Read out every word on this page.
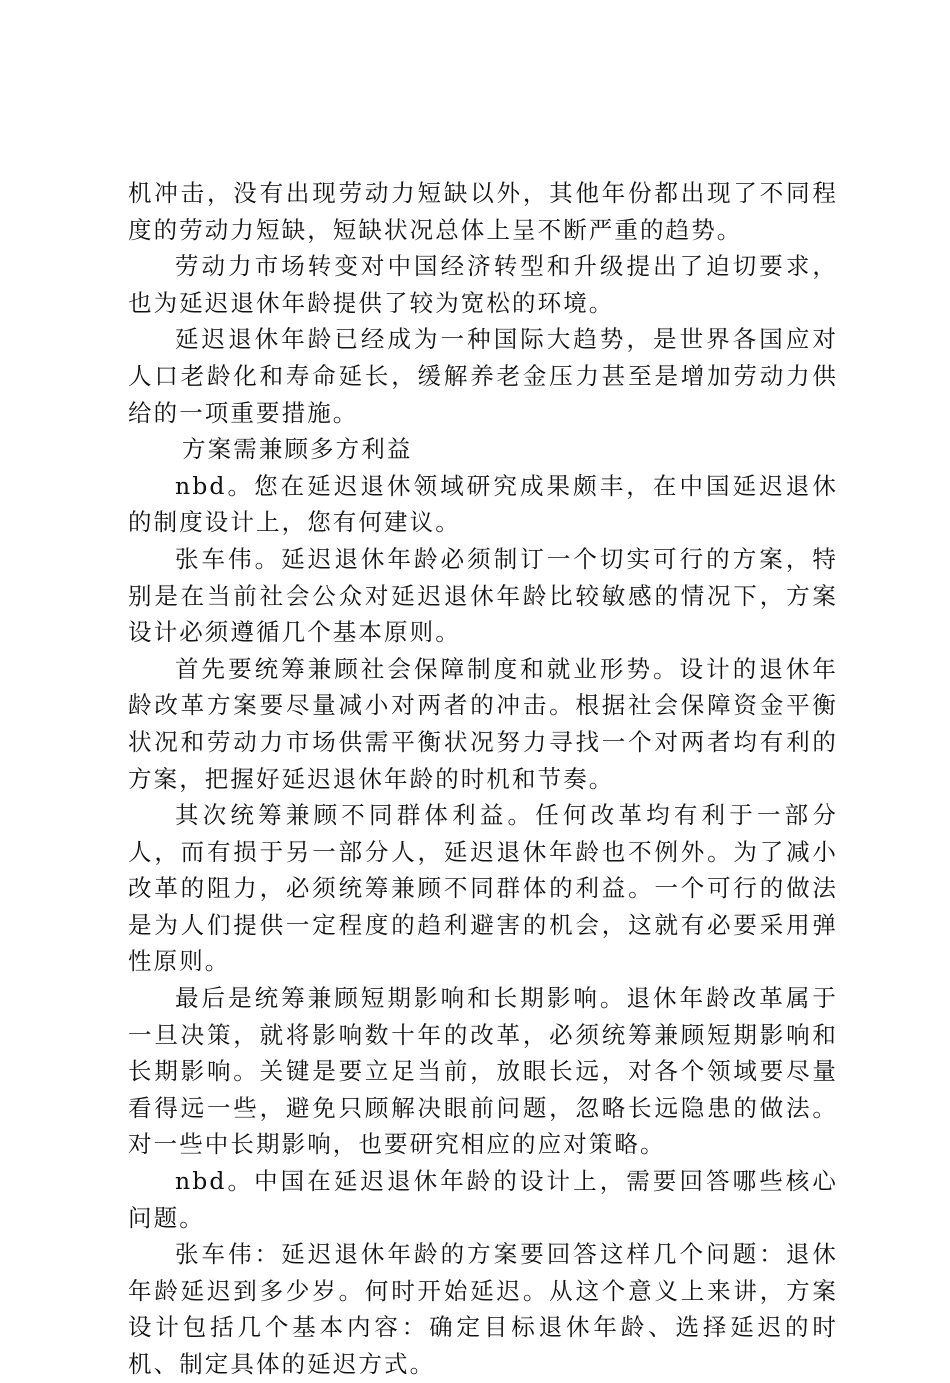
机冲击，没有出现劳动力短缺以外，其他年份都出现了不同程度的劳动力短缺，短缺状况总体上呈不断严重的趋势。

劳动力市场转变对中国经济转型和升级提出了迫切要求，也为延迟退休年龄提供了较为宽松的环境。

延迟退休年龄已经成为一种国际大趋势，是世界各国应对人口老龄化和寿命延长，缓解养老金压力甚至是增加劳动力供给的一项重要措施。

方案需兼顾多方利益

nbd。您在延迟退休领域研究成果颇丰，在中国延迟退休的制度设计上，您有何建议。

张车伟。延迟退休年龄必须制订一个切实可行的方案，特别是在当前社会公众对延迟退休年龄比较敏感的情况下，方案设计必须遵循几个基本原则。

首先要统筹兼顾社会保障制度和就业形势。设计的退休年龄改革方案要尽量减小对两者的冲击。根据社会保障资金平衡状况和劳动力市场供需平衡状况努力寻找一个对两者均有利的方案，把握好延迟退休年龄的时机和节奏。

其次统筹兼顾不同群体利益。任何改革均有利于一部分人，而有损于另一部分人，延迟退休年龄也不例外。为了减小改革的阻力，必须统筹兼顾不同群体的利益。一个可行的做法是为人们提供一定程度的趋利避害的机会，这就有必要采用弹性原则。

最后是统筹兼顾短期影响和长期影响。退休年龄改革属于一旦决策，就将影响数十年的改革，必须统筹兼顾短期影响和长期影响。关键是要立足当前，放眼长远，对各个领域要尽量看得远一些，避免只顾解决眼前问题，忽略长远隐患的做法。对一些中长期影响，也要研究相应的应对策略。

nbd。中国在延迟退休年龄的设计上，需要回答哪些核心问题。

张车伟：延迟退休年龄的方案要回答这样几个问题：退休年龄延迟到多少岁。何时开始延迟。从这个意义上来讲，方案设计包括几个基本内容：确定目标退休年龄、选择延迟的时机、制定具体的延迟方式。
